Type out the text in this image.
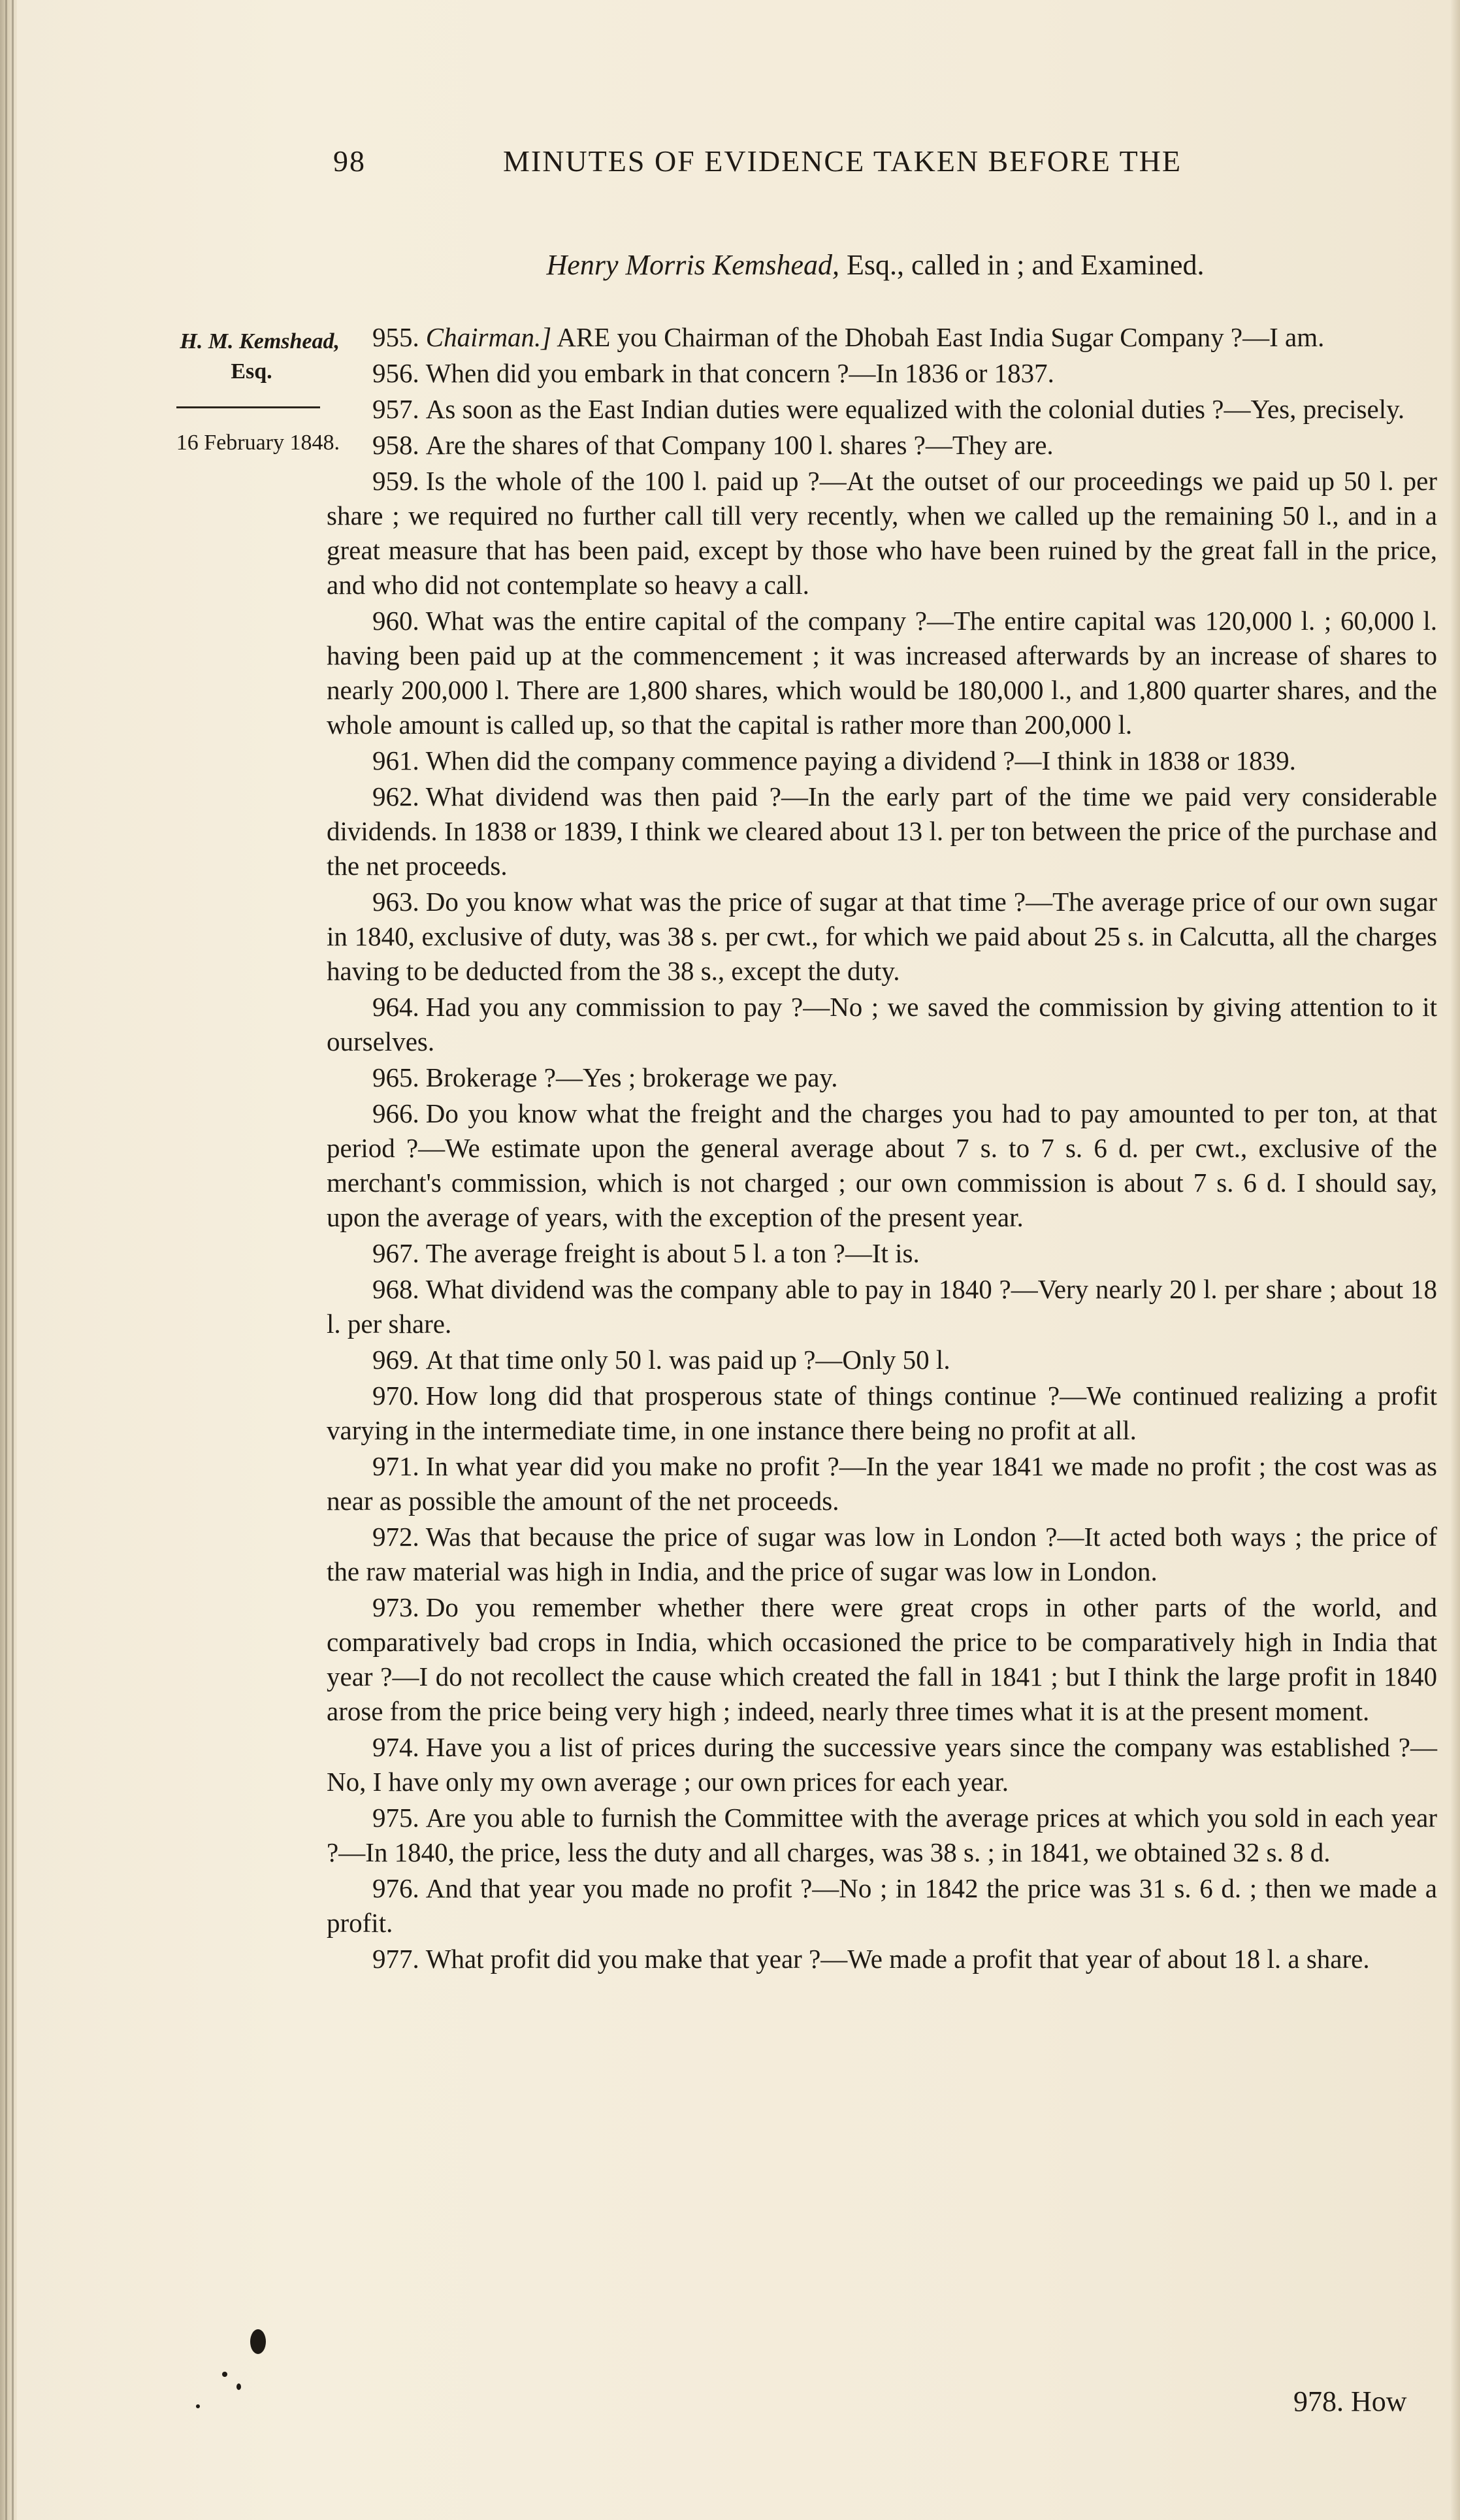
98	MINUTES OF EVIDENCE TAKEN BEFORE THE
Henry Morris Kemshead, Esq., called in ; and Examined.
H. M. Kemshead,
Esq.
16 February 1848.

955. Chairman.] ARE you Chairman of the Dhobah East India Sugar Company ?—I am.

956. When did you embark in that concern ?—In 1836 or 1837.

957. As soon as the East Indian duties were equalized with the colonial duties ?—Yes, precisely.

958. Are the shares of that Company 100 l. shares ?—They are.

959. Is the whole of the 100 l. paid up ?—At the outset of our proceedings we paid up 50 l. per share ; we required no further call till very recently, when we called up the remaining 50 l., and in a great measure that has been paid, except by those who have been ruined by the great fall in the price, and who did not contemplate so heavy a call.

960. What was the entire capital of the company ?—The entire capital was 120,000 l. ; 60,000 l. having been paid up at the commencement ; it was increased afterwards by an increase of shares to nearly 200,000 l. There are 1,800 shares, which would be 180,000 l., and 1,800 quarter shares, and the whole amount is called up, so that the capital is rather more than 200,000 l.

961. When did the company commence paying a dividend ?—I think in 1838 or 1839.

962. What dividend was then paid ?—In the early part of the time we paid very considerable dividends. In 1838 or 1839, I think we cleared about 13 l. per ton between the price of the purchase and the net proceeds.

963. Do you know what was the price of sugar at that time ?—The average price of our own sugar in 1840, exclusive of duty, was 38 s. per cwt., for which we paid about 25 s. in Calcutta, all the charges having to be deducted from the 38 s., except the duty.

964. Had you any commission to pay ?—No ; we saved the commission by giving attention to it ourselves.

965. Brokerage ?—Yes ; brokerage we pay.

966. Do you know what the freight and the charges you had to pay amounted to per ton, at that period ?—We estimate upon the general average about 7 s. to 7 s. 6 d. per cwt., exclusive of the merchant's commission, which is not charged ; our own commission is about 7 s. 6 d. I should say, upon the average of years, with the exception of the present year.

967. The average freight is about 5 l. a ton ?—It is.

968. What dividend was the company able to pay in 1840 ?—Very nearly 20 l. per share ; about 18 l. per share.

969. At that time only 50 l. was paid up ?—Only 50 l.

970. How long did that prosperous state of things continue ?—We continued realizing a profit varying in the intermediate time, in one instance there being no profit at all.

971. In what year did you make no profit ?—In the year 1841 we made no profit ; the cost was as near as possible the amount of the net proceeds.

972. Was that because the price of sugar was low in London ?—It acted both ways ; the price of the raw material was high in India, and the price of sugar was low in London.

973. Do you remember whether there were great crops in other parts of the world, and comparatively bad crops in India, which occasioned the price to be comparatively high in India that year ?—I do not recollect the cause which created the fall in 1841 ; but I think the large profit in 1840 arose from the price being very high ; indeed, nearly three times what it is at the present moment.

974. Have you a list of prices during the successive years since the company was established ?—No, I have only my own average ; our own prices for each year.

975. Are you able to furnish the Committee with the average prices at which you sold in each year ?—In 1840, the price, less the duty and all charges, was 38 s. ; in 1841, we obtained 32 s. 8 d.

976. And that year you made no profit ?—No ; in 1842 the price was 31 s. 6 d. ; then we made a profit.

977. What profit did you make that year ?—We made a profit that year of about 18 l. a share.

978. How
